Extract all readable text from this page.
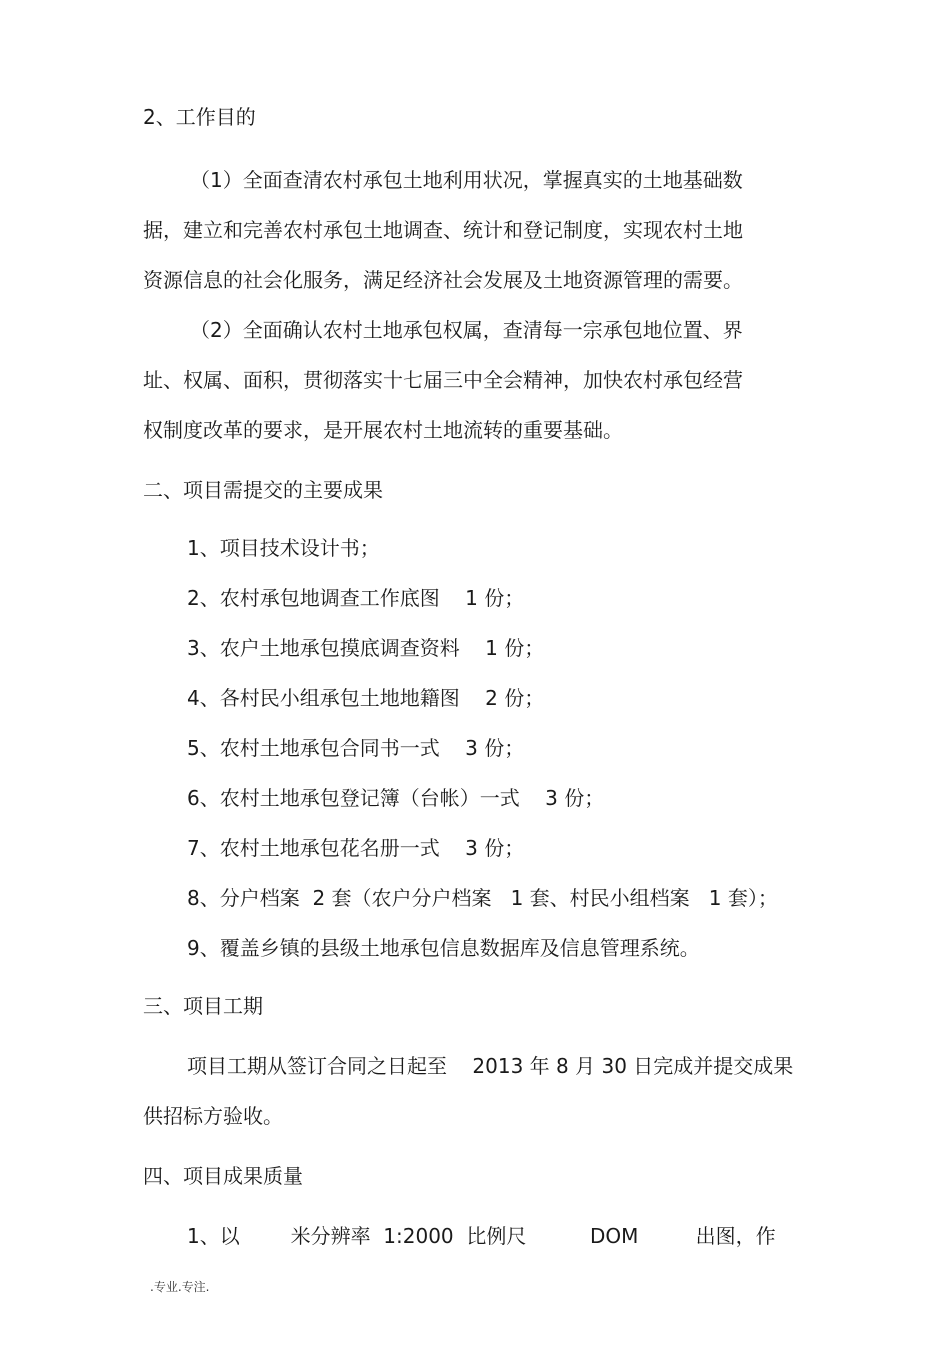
2、工作目的
（1）全面查清农村承包土地利用状况，掌握真实的土地基础数
据，建立和完善农村承包土地调查、统计和登记制度，实现农村土地
资源信息的社会化服务，满足经济社会发展及土地资源管理的需要。
（2）全面确认农村土地承包权属，查清每一宗承包地位置、界
址、权属、面积，贯彻落实十七届三中全会精神，加快农村承包经营
权制度改革的要求，是开展农村土地流转的重要基础。
二、项目需提交的主要成果
1、项目技术设计书；
2、农村承包地调查工作底图    1 份；
3、农户土地承包摸底调查资料    1 份；
4、各村民小组承包土地地籍图    2 份；
5、农村土地承包合同书一式    3 份；
6、农村土地承包登记簿（台帐）一式    3 份；
7、农村土地承包花名册一式    3 份；
8、分户档案  2 套（农户分户档案   1 套、村民小组档案   1 套）；
9、覆盖乡镇的县级土地承包信息数据库及信息管理系统。
三、项目工期
项目工期从签订合同之日起至    2013 年 8 月 30 日完成并提交成果
供招标方验收。
四、项目成果质量
1、以        米分辨率  1:2000  比例尺          DOM         出图，作
.专业.专注.
